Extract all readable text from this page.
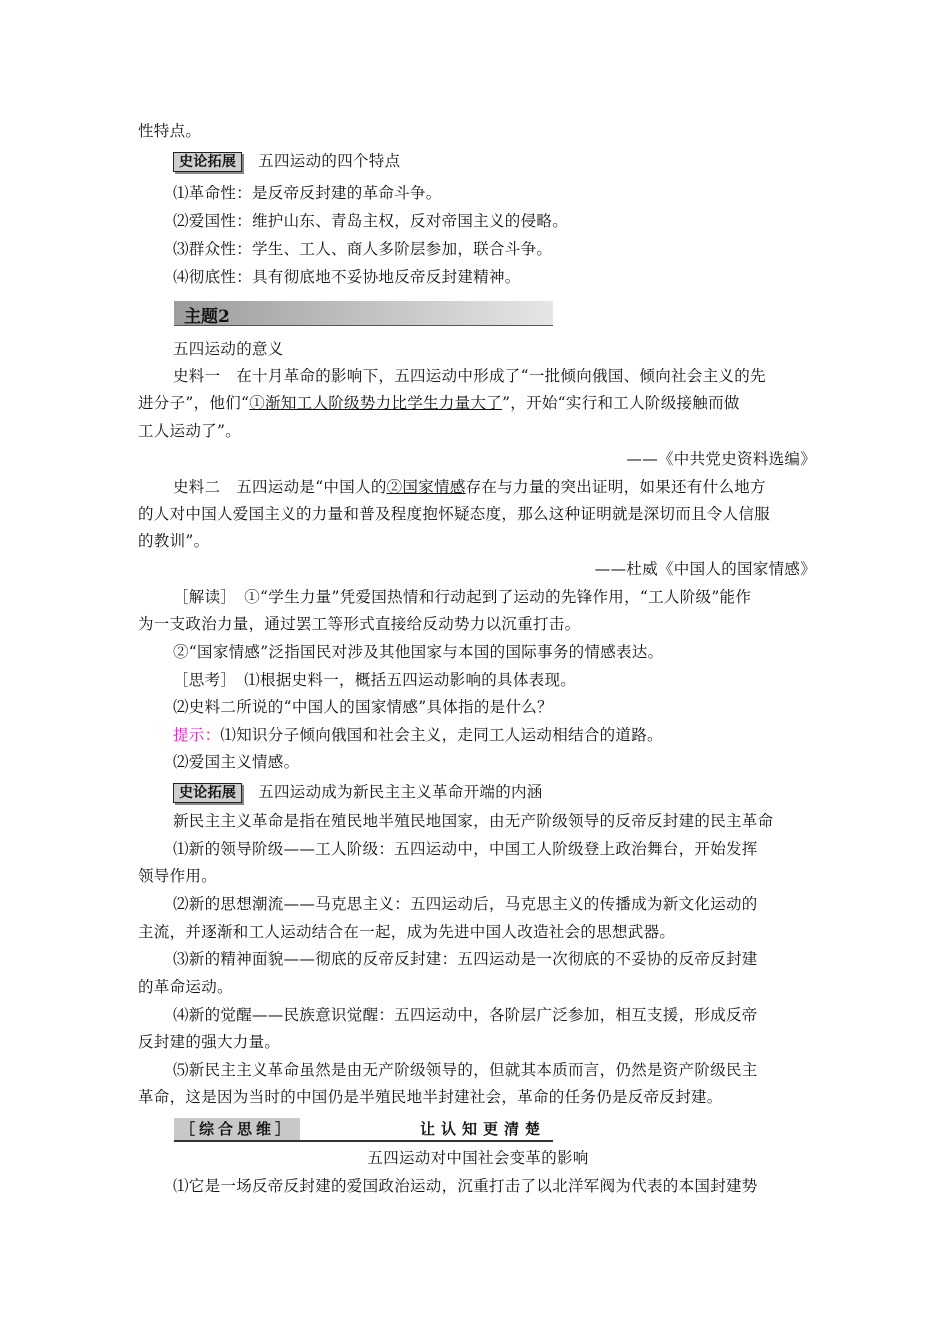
性特点。
史论拓展 五四运动的四个特点
⑴革命性：是反帝反封建的革命斗争。
⑵爱国性：维护山东、青岛主权，反对帝国主义的侵略。
⑶群众性：学生、工人、商人多阶层参加，联合斗争。
⑷彻底性：具有彻底地不妥协地反帝反封建精神。
主题2
五四运动的意义
史料一　在十月革命的影响下，五四运动中形成了“一批倾向俄国、倾向社会主义的先
进分子”，他们“①渐知工人阶级势力比学生力量大了”，开始“实行和工人阶级接触而做
工人运动了”。
——《中共党史资料选编》
史料二　五四运动是“中国人的②国家情感存在与力量的突出证明，如果还有什么地方
的人对中国人爱国主义的力量和普及程度抱怀疑态度，那么这种证明就是深切而且令人信服
的教训”。
——杜威《中国人的国家情感》
［解读］　①“学生力量”凭爱国热情和行动起到了运动的先锋作用，“工人阶级”能作
为一支政治力量，通过罢工等形式直接给反动势力以沉重打击。
②“国家情感”泛指国民对涉及其他国家与本国的国际事务的情感表达。
［思考］　⑴根据史料一，概括五四运动影响的具体表现。
⑵史料二所说的“中国人的国家情感”具体指的是什么？
提示：⑴知识分子倾向俄国和社会主义，走同工人运动相结合的道路。
⑵爱国主义情感。
史论拓展 五四运动成为新民主主义革命开端的内涵
新民主主义革命是指在殖民地半殖民地国家，由无产阶级领导的反帝反封建的民主革命
⑴新的领导阶级——工人阶级：五四运动中，中国工人阶级登上政治舞台，开始发挥
领导作用。
⑵新的思想潮流——马克思主义：五四运动后，马克思主义的传播成为新文化运动的
主流，并逐渐和工人运动结合在一起，成为先进中国人改造社会的思想武器。
⑶新的精神面貌——彻底的反帝反封建：五四运动是一次彻底的不妥协的反帝反封建
的革命运动。
⑷新的觉醒——民族意识觉醒：五四运动中，各阶层广泛参加，相互支援，形成反帝
反封建的强大力量。
⑸新民主主义革命虽然是由无产阶级领导的，但就其本质而言，仍然是资产阶级民主
革命，这是因为当时的中国仍是半殖民地半封建社会，革命的任务仍是反帝反封建。
［综合思维］	让认知更清楚
五四运动对中国社会变革的影响
⑴它是一场反帝反封建的爱国政治运动，沉重打击了以北洋军阀为代表的本国封建势
